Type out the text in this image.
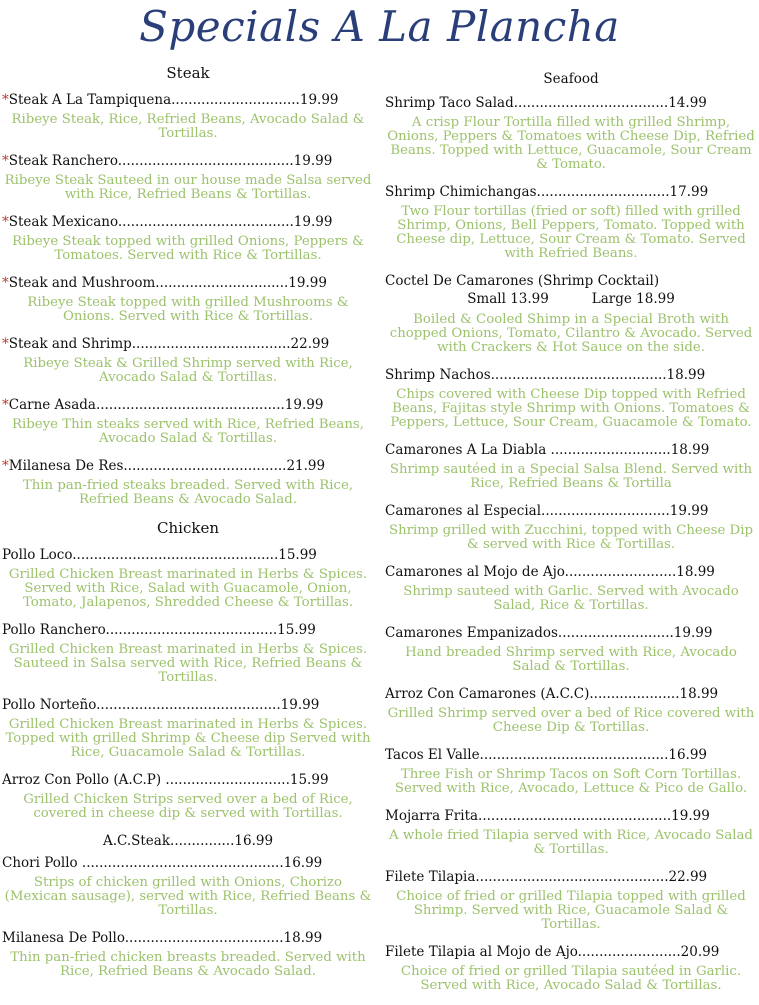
Specials A La Plancha
Steak
*Steak A La Tampiquena..............................19.99
Ribeye Steak, Rice, Refried Beans, Avocado Salad & Tortillas.
*Steak Ranchero.........................................19.99
Ribeye Steak Sauteed in our house made Salsa served with Rice, Refried Beans & Tortillas.
*Steak Mexicano.........................................19.99
Ribeye Steak topped with grilled Onions, Peppers & Tomatoes. Served with Rice & Tortillas.
*Steak and Mushroom...............................19.99
Ribeye Steak topped with grilled Mushrooms & Onions. Served with Rice & Tortillas.
*Steak and Shrimp.....................................22.99
Ribeye Steak & Grilled Shrimp served with Rice, Avocado Salad & Tortillas.
*Carne Asada............................................19.99
Ribeye Thin steaks served with Rice, Refried Beans, Avocado Salad & Tortillas.
*Milanesa De Res......................................21.99
Thin pan-fried steaks breaded. Served with Rice, Refried Beans & Avocado Salad.
Chicken
Pollo Loco................................................15.99
Grilled Chicken Breast marinated in Herbs & Spices. Served with Rice, Salad with Guacamole, Onion, Tomato, Jalapenos, Shredded Cheese & Tortillas.
Pollo Ranchero........................................15.99
Grilled Chicken Breast marinated in Herbs & Spices. Sauteed in Salsa served with Rice, Refried Beans & Tortillas.
Pollo Norteño...........................................19.99
Grilled Chicken Breast marinated in Herbs & Spices. Topped with grilled Shrimp & Cheese dip Served with Rice, Guacamole Salad & Tortillas.
Arroz Con Pollo (A.C.P) .............................15.99
Grilled Chicken Strips served over a bed of Rice, covered in cheese dip & served with Tortillas.
A.C.Steak...............16.99
Chori Pollo ...............................................16.99
Strips of chicken grilled with Onions, Chorizo (Mexican sausage), served with Rice, Refried Beans & Tortillas.
Milanesa De Pollo.....................................18.99
Thin pan-fried chicken breasts breaded. Served with Rice, Refried Beans & Avocado Salad.
Seafood
Shrimp Taco Salad....................................14.99
A crisp Flour Tortilla filled with grilled Shrimp, Onions, Peppers & Tomatoes with Cheese Dip, Refried Beans. Topped with Lettuce, Guacamole, Sour Cream & Tomato.
Shrimp Chimichangas...............................17.99
Two Flour tortillas (fried or soft) filled with grilled Shrimp, Onions, Bell Peppers, Tomato. Topped with Cheese dip, Lettuce, Sour Cream & Tomato. Served with Refried Beans.
Coctel De Camarones (Shrimp Cocktail)
Small 13.99          Large 18.99
Boiled & Cooled Shimp in a Special Broth with chopped Onions, Tomato, Cilantro & Avocado. Served with Crackers & Hot Sauce on the side.
Shrimp Nachos.........................................18.99
Chips covered with Cheese Dip topped with Refried Beans, Fajitas style Shrimp with Onions. Tomatoes & Peppers, Lettuce, Sour Cream, Guacamole & Tomato.
Camarones A La Diabla ............................18.99
Shrimp sautéed in a Special Salsa Blend. Served with Rice, Refried Beans & Tortilla
Camarones al Especial..............................19.99
Shrimp grilled with Zucchini, topped with Cheese Dip & served with Rice & Tortillas.
Camarones al Mojo de Ajo..........................18.99
Shrimp sauteed with Garlic. Served with Avocado Salad, Rice & Tortillas.
Camarones Empanizados...........................19.99
Hand breaded Shrimp served with Rice, Avocado Salad & Tortillas.
Arroz Con Camarones (A.C.C).....................18.99
Grilled Shrimp served over a bed of Rice covered with Cheese Dip & Tortillas.
Tacos El Valle............................................16.99
Three Fish or Shrimp Tacos on Soft Corn Tortillas. Served with Rice, Avocado, Lettuce & Pico de Gallo.
Mojarra Frita.............................................19.99
A whole fried Tilapia served with Rice, Avocado Salad & Tortillas.
Filete Tilapia.............................................22.99
Choice of fried or grilled Tilapia topped with grilled Shrimp. Served with Rice, Guacamole Salad & Tortillas.
Filete Tilapia al Mojo de Ajo........................20.99
Choice of fried or grilled Tilapia sautéed in Garlic. Served with Rice, Avocado Salad & Tortillas.
